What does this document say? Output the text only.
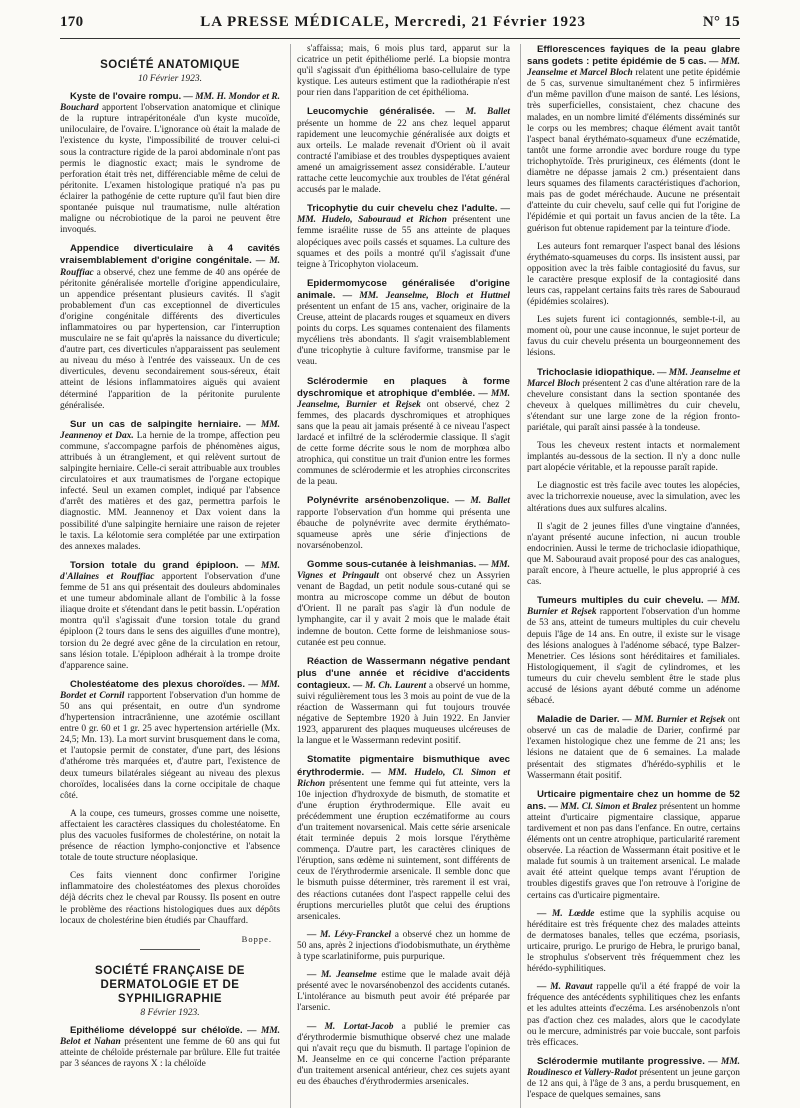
170	LA PRESSE MÉDICALE, Mercredi, 21 Février 1923	N° 15
SOCIÉTÉ ANATOMIQUE
10 Février 1923.

Kyste de l'ovaire rompu. — MM. H. Mondor et R. Bouchard apportent l'observation anatomique et clinique de la rupture intrapéritonéale d'un kyste mucoïde, uniloculaire, de l'ovaire. L'ignorance où était la malade de l'existence du kyste, l'impossibilité de trouver celui-ci sous la contracture rigide de la paroi abdominale n'ont pas permis le diagnostic exact; mais le syndrome de perforation était très net, différenciable même de celui de péritonite. L'examen histologique pratiqué n'a pas pu éclairer la pathogénie de cette rupture qu'il faut bien dire spontanée puisque nul traumatisme, nulle altération maligne ou nécrobiotique de la paroi ne peuvent être invoqués.

Appendice diverticulaire à 4 cavités vraisemblablement d'origine congénitale. — M. Rouffiac a observé, chez une femme de 40 ans opérée de péritonite généralisée mortelle d'origine appendiculaire, un appendice présentant plusieurs cavités. Il s'agit probablement d'un cas exceptionnel de diverticules d'origine congénitale différents des diverticules inflammatoires ou par hypertension, car l'interruption musculaire ne se fait qu'après la naissance du diverticule; d'autre part, ces diverticules n'apparaissent pas seulement au niveau du méso à l'entrée des vaisseaux. Un de ces diverticules, devenu secondairement sous-séreux, était atteint de lésions inflammatoires aiguës qui avaient déterminé l'apparition de la péritonite purulente généralisée.

Sur un cas de salpingite herniaire. — MM. Jeannenoy et Dax. La hernie de la trompe, affection peu commune, s'accompagne parfois de phénomènes aigus, attribués à un étranglement, et qui relèvent surtout de salpingite herniaire. Celle-ci serait attribuable aux troubles circulatoires et aux traumatismes de l'organe ectopique infecté. Seul un examen complet, indiqué par l'absence d'arrêt des matières et des gaz, permettra parfois le diagnostic. MM. Jeannenoy et Dax voient dans la possibilité d'une salpingite herniaire une raison de rejeter le taxis. La kélotomie sera complétée par une extirpation des annexes malades.

Torsion totale du grand épiploon. — MM. d'Allaines et Rouffiac apportent l'observation d'une femme de 51 ans qui présentait des douleurs abdominales et une tumeur abdominale allant de l'ombilic à la fosse iliaque droite et s'étendant dans le petit bassin. L'opération montra qu'il s'agissait d'une torsion totale du grand épiploon (2 tours dans le sens des aiguilles d'une montre), torsion du 2e degré avec gêne de la circulation en retour, sans lésion totale. L'épiploon adhérait à la trompe droite d'apparence saine.

Cholestéatome des plexus choroïdes. — MM. Bordet et Cornil rapportent l'observation d'un homme de 50 ans qui présentait, en outre d'un syndrome d'hypertension intracrânienne, une azotémie oscillant entre 0 gr. 60 et 1 gr. 25 avec hypertension artérielle (Mx. 24,5; Mn. 13). La mort survint brusquement dans le coma, et l'autopsie permit de constater, d'une part, des lésions d'athérome très marquées et, d'autre part, l'existence de deux tumeurs bilatérales siégeant au niveau des plexus choroïdes, localisées dans la corne occipitale de chaque côté.

A la coupe, ces tumeurs, grosses comme une noisette, affectaient les caractères classiques du cholestéatome. En plus des vacuoles fusiformes de cholestérine, on notait la présence de réaction lympho-conjonctive et l'absence totale de toute structure néoplasique.

Ces faits viennent donc confirmer l'origine inflammatoire des cholestéatomes des plexus choroïdes déjà décrits chez le cheval par Roussy. Ils posent en outre le problème des réactions histologiques dues aux dépôts locaux de cholestérine bien étudiés par Chauffard.

Boppe.
SOCIÉTÉ FRANÇAISE DE DERMATOLOGIE ET DE SYPHILIGRAPHIE
8 Février 1923.

Epithéliome développé sur chéloïde. — MM. Belot et Nahan présentent une femme de 60 ans qui fut atteinte de chéloïde présternale par brûlure. Elle fut traitée par 3 séances de rayons X : la chéloïde

s'affaissa; mais, 6 mois plus tard, apparut sur la cicatrice un petit épithéliome perlé. La biopsie montra qu'il s'agissait d'un épithélioma baso-cellulaire de type kystique. Les auteurs estiment que la radiothérapie n'est pour rien dans l'apparition de cet épithélioma.

Leucomychie généralisée. — M. Ballet présente un homme de 22 ans chez lequel apparut rapidement une leucomychie généralisée aux doigts et aux orteils. Le malade revenait d'Orient où il avait contracté l'amibiase et des troubles dyspeptiques avaient amené un amaigrissement assez considérable. L'auteur rattache cette leucomychie aux troubles de l'état général accusés par le malade.

Tricophytie du cuir chevelu chez l'adulte. — MM. Hudelo, Sabouraud et Richon présentent une femme israélite russe de 55 ans atteinte de plaques alopéciques avec poils cassés et squames. La culture des squames et des poils a montré qu'il s'agissait d'une teigne à Tricophyton violaceum.

Epidermomycose généralisée d'origine animale. — MM. Jeanselme, Bloch et Huttnel présentent un enfant de 15 ans, vacher, originaire de la Creuse, atteint de placards rouges et squameux en divers points du corps. Les squames contenaient des filaments mycéliens très abondants. Il s'agit vraisemblablement d'une tricophytie à culture faviforme, transmise par le veau.

Sclérodermie en plaques à forme dyschromique et atrophique d'emblée. — MM. Jeanselme, Burnier et Rejsek ont observé, chez 2 femmes, des placards dyschromiques et atrophiques sans que la peau ait jamais présenté à ce niveau l'aspect lardacé et infiltré de la sclérodermie classique. Il s'agit de cette forme décrite sous le nom de morphœa albo atrophica, qui constitue un trait d'union entre les formes communes de sclérodermie et les atrophies circonscrites de la peau.

Polynévrite arsénobenzolique. — M. Ballet rapporte l'observation d'un homme qui présenta une ébauche de polynévrite avec dermite érythémato-squameuse après une série d'injections de novarsénobenzol.

Gomme sous-cutanée à leishmanias. — MM. Vignes et Pringault ont observé chez un Assyrien venant de Bagdad, un petit nodule sous-cutané qui se montra au microscope comme un début de bouton d'Orient. Il ne paraît pas s'agir là d'un nodule de lymphangite, car il y avait 2 mois que le malade était indemne de bouton. Cette forme de leishmaniose sous-cutanée est peu connue.

Réaction de Wassermann négative pendant plus d'une année et récidive d'accidents contagieux. — M. Ch. Laurent a observé un homme, suivi régulièrement tous les 3 mois au point de vue de la réaction de Wassermann qui fut toujours trouvée négative de Septembre 1920 à Juin 1922. En Janvier 1923, apparurent des plaques muqueuses ulcéreuses de la langue et le Wassermann redevint positif.

Stomatite pigmentaire bismuthique avec érythrodermie. — MM. Hudelo, Cl. Simon et Richon présentent une femme qui fut atteinte, vers la 10e injection d'hydroxyde de bismuth, de stomatite et d'une éruption érythrodermique. Elle avait eu précédemment une éruption eczématiforme au cours d'un traitement novarsenical. Mais cette série arsenicale était terminée depuis 2 mois lorsque l'érythème commença. D'autre part, les caractères cliniques de l'éruption, sans œdème ni suintement, sont différents de ceux de l'érythrodermie arsenicale. Il semble donc que le bismuth puisse déterminer, très rarement il est vrai, des réactions cutanées dont l'aspect rappelle celui des éruptions mercurielles plutôt que celui des éruptions arsenicales.

— M. Lévy-Franckel a observé chez un homme de 50 ans, après 2 injections d'iodobismuthate, un érythème à type scarlatiniforme, puis purpurique.

— M. Jeanselme estime que le malade avait déjà présenté avec le novarsénobenzol des accidents cutanés. L'intolérance au bismuth peut avoir été préparée par l'arsenic.

— M. Lortat-Jacob a publié le premier cas d'érythrodermie bismuthique observé chez une malade qui n'avait reçu que du bismuth. Il partage l'opinion de M. Jeanselme en ce qui concerne l'action préparante d'un traitement arsenical antérieur, chez ces sujets ayant eu des ébauches d'érythrodermies arsenicales.

Efflorescences fayiques de la peau glabre sans godets : petite épidémie de 5 cas. — MM. Jeanselme et Marcel Bloch relatent une petite épidémie de 5 cas, survenue simultanément chez 5 infirmières d'un même pavillon d'une maison de santé. Les lésions, très superficielles, consistaient, chez chacune des malades, en un nombre limité d'éléments disséminés sur le corps ou les membres; chaque élément avait tantôt l'aspect banal érythémato-squameux d'une eczématide, tantôt une forme arrondie avec bordure rouge du type trichophytoïde. Très prurigineux, ces éléments (dont le diamètre ne dépasse jamais 2 cm.) présentaient dans leurs squames des filaments caractéristiques d'achorion, mais pas de godet méréchaude. Aucune ne présentait d'atteinte du cuir chevelu, sauf celle qui fut l'origine de l'épidémie et qui portait un favus ancien de la tête. La guérison fut obtenue rapidement par la teinture d'iode.

Les auteurs font remarquer l'aspect banal des lésions érythémato-squameuses du corps. Ils insistent aussi, par opposition avec la très faible contagiosité du favus, sur le caractère presque explosif de la contagiosité dans leurs cas, rappelant certains faits très rares de Sabouraud (épidémies scolaires).

Les sujets furent ici contagionnés, semble-t-il, au moment où, pour une cause inconnue, le sujet porteur de favus du cuir chevelu présenta un bourgeonnement des lésions.

Trichoclasie idiopathique. — MM. Jeanselme et Marcel Bloch présentent 2 cas d'une altération rare de la chevelure consistant dans la section spontanée des cheveux à quelques millimètres du cuir chevelu, s'étendant sur une large zone de la région fronto-pariétale, qui paraît ainsi passée à la tondeuse.

Tous les cheveux restent intacts et normalement implantés au-dessous de la section. Il n'y a donc nulle part alopécie véritable, et la repousse paraît rapide.

Le diagnostic est très facile avec toutes les alopécies, avec la trichorrexie noueuse, avec la simulation, avec les altérations dues aux sulfures alcalins.

Il s'agit de 2 jeunes filles d'une vingtaine d'années, n'ayant présenté aucune infection, ni aucun trouble endocrinien. Aussi le terme de trichoclasie idiopathique, que M. Sabouraud avait proposé pour des cas analogues, paraît encore, à l'heure actuelle, le plus approprié à ces cas.

Tumeurs multiples du cuir chevelu. — MM. Burnier et Rejsek rapportent l'observation d'un homme de 53 ans, atteint de tumeurs multiples du cuir chevelu depuis l'âge de 14 ans. En outre, il existe sur le visage des lésions analogues à l'adénome sébacé, type Balzer-Menetrier. Ces lésions sont héréditaires et familiales. Histologiquement, il s'agit de cylindromes, et les tumeurs du cuir chevelu semblent être le stade plus accusé de lésions ayant débuté comme un adénome sébacé.

Maladie de Darier. — MM. Burnier et Rejsek ont observé un cas de maladie de Darier, confirmé par l'examen histologique chez une femme de 21 ans; les lésions ne dataient que de 6 semaines. La malade présentait des stigmates d'hérédo-syphilis et le Wassermann était positif.

Urticaire pigmentaire chez un homme de 52 ans. — MM. Cl. Simon et Bralez présentent un homme atteint d'urticaire pigmentaire classique, apparue tardivement et non pas dans l'enfance. En outre, certains éléments ont un centre atrophique, particularité rarement observée. La réaction de Wassermann était positive et le malade fut soumis à un traitement arsenical. Le malade avait été atteint quelque temps avant l'éruption de troubles digestifs graves que l'on retrouve à l'origine de certains cas d'urticaire pigmentaire.

— M. Lœdde estime que la syphilis acquise ou héréditaire est très fréquente chez des malades atteints de dermatoses banales, telles que eczéma, psoriasis, urticaire, prurigo. Le prurigo de Hebra, le prurigo banal, le strophulus s'observent très fréquemment chez les hérédo-syphilitiques.

— M. Ravaut rappelle qu'il a été frappé de voir la fréquence des antécédents syphilitiques chez les enfants et les adultes atteints d'eczéma. Les arsénobenzols n'ont pas d'action chez ces malades, alors que le cacodylate ou le mercure, administrés par voie buccale, sont parfois très efficaces.

Sclérodermie mutilante progressive. — MM. Roudinesco et Vallery-Radot présentent un jeune garçon de 12 ans qui, à l'âge de 3 ans, a perdu brusquement, en l'espace de quelques semaines, sans
